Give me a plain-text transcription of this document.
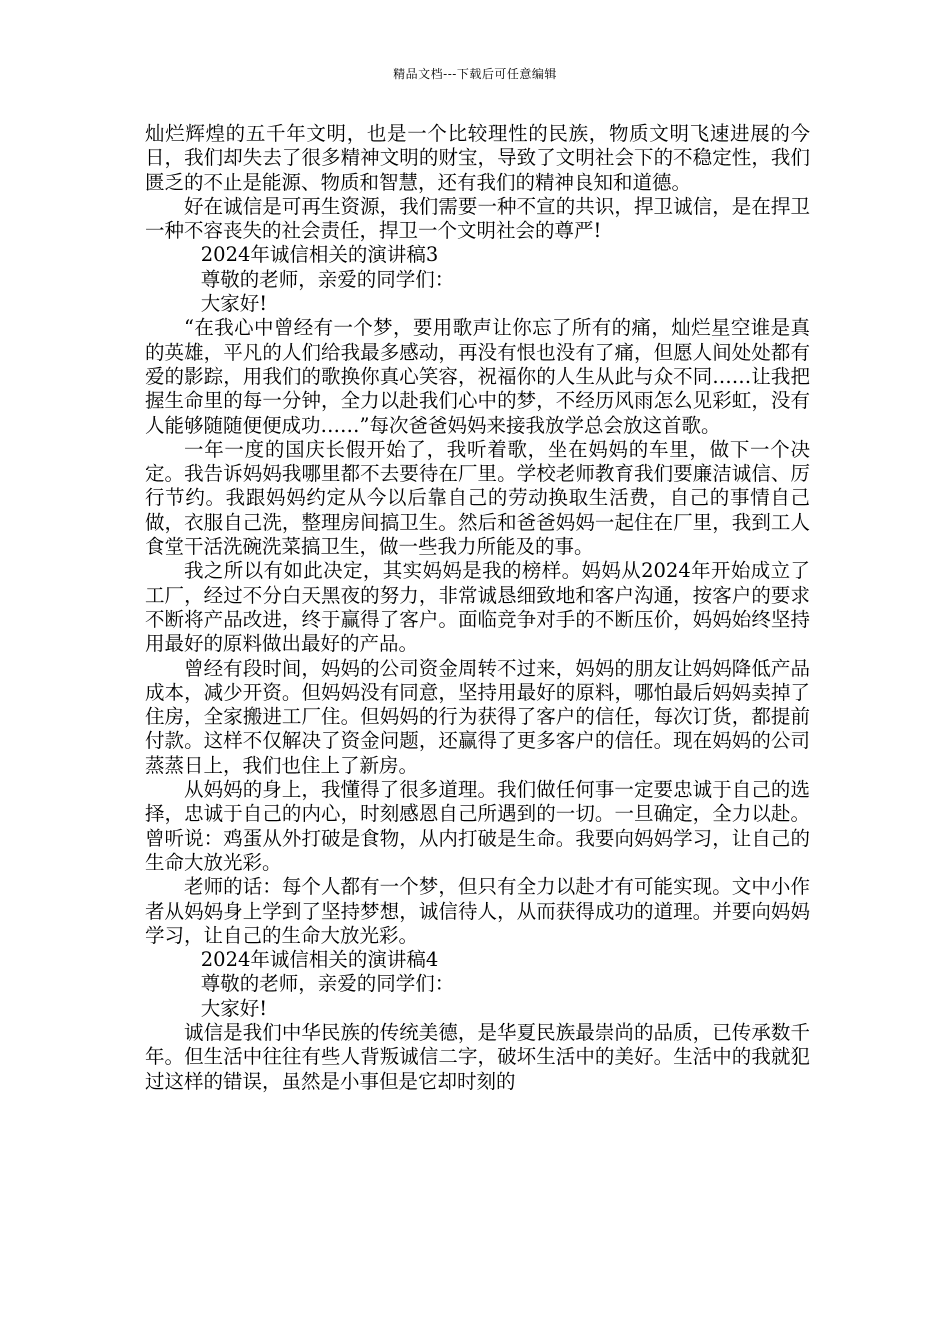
精品文档---下载后可任意编辑

灿烂辉煌的五千年文明，也是一个比较理性的民族，物质文明飞速进展的今日，我们却失去了很多精神文明的财宝，导致了文明社会下的不稳定性，我们匮乏的不止是能源、物质和智慧，还有我们的精神良知和道德。

好在诚信是可再生资源，我们需要一种不宣的共识，捍卫诚信，是在捍卫一种不容丧失的社会责任，捍卫一个文明社会的尊严!

2024年诚信相关的演讲稿3

尊敬的老师，亲爱的同学们：

大家好!

“在我心中曾经有一个梦，要用歌声让你忘了所有的痛，灿烂星空谁是真的英雄，平凡的人们给我最多感动，再没有恨也没有了痛，但愿人间处处都有爱的影踪，用我们的歌换你真心笑容，祝福你的人生从此与众不同……让我把握生命里的每一分钟，全力以赴我们心中的梦，不经历风雨怎么见彩虹，没有人能够随随便便成功……”每次爸爸妈妈来接我放学总会放这首歌。

一年一度的国庆长假开始了，我听着歌，坐在妈妈的车里，做下一个决定。我告诉妈妈我哪里都不去要待在厂里。学校老师教育我们要廉洁诚信、厉行节约。我跟妈妈约定从今以后靠自己的劳动换取生活费，自己的事情自己做，衣服自己洗，整理房间搞卫生。然后和爸爸妈妈一起住在厂里，我到工人食堂干活洗碗洗菜搞卫生，做一些我力所能及的事。

我之所以有如此决定，其实妈妈是我的榜样。妈妈从2024年开始成立了工厂，经过不分白天黑夜的努力，非常诚恳细致地和客户沟通，按客户的要求不断将产品改进，终于赢得了客户。面临竞争对手的不断压价，妈妈始终坚持用最好的原料做出最好的产品。

曾经有段时间，妈妈的公司资金周转不过来，妈妈的朋友让妈妈降低产品成本，减少开资。但妈妈没有同意，坚持用最好的原料，哪怕最后妈妈卖掉了住房，全家搬进工厂住。但妈妈的行为获得了客户的信任，每次订货，都提前付款。这样不仅解决了资金问题，还赢得了更多客户的信任。现在妈妈的公司蒸蒸日上，我们也住上了新房。

从妈妈的身上，我懂得了很多道理。我们做任何事一定要忠诚于自己的选择，忠诚于自己的内心，时刻感恩自己所遇到的一切。一旦确定，全力以赴。曾听说：鸡蛋从外打破是食物，从内打破是生命。我要向妈妈学习，让自己的生命大放光彩。

老师的话：每个人都有一个梦，但只有全力以赴才有可能实现。文中小作者从妈妈身上学到了坚持梦想，诚信待人，从而获得成功的道理。并要向妈妈学习，让自己的生命大放光彩。

2024年诚信相关的演讲稿4

尊敬的老师，亲爱的同学们：

大家好!

诚信是我们中华民族的传统美德，是华夏民族最崇尚的品质，已传承数千年。但生活中往往有些人背叛诚信二字，破坏生活中的美好。生活中的我就犯过这样的错误，虽然是小事但是它却时刻的
